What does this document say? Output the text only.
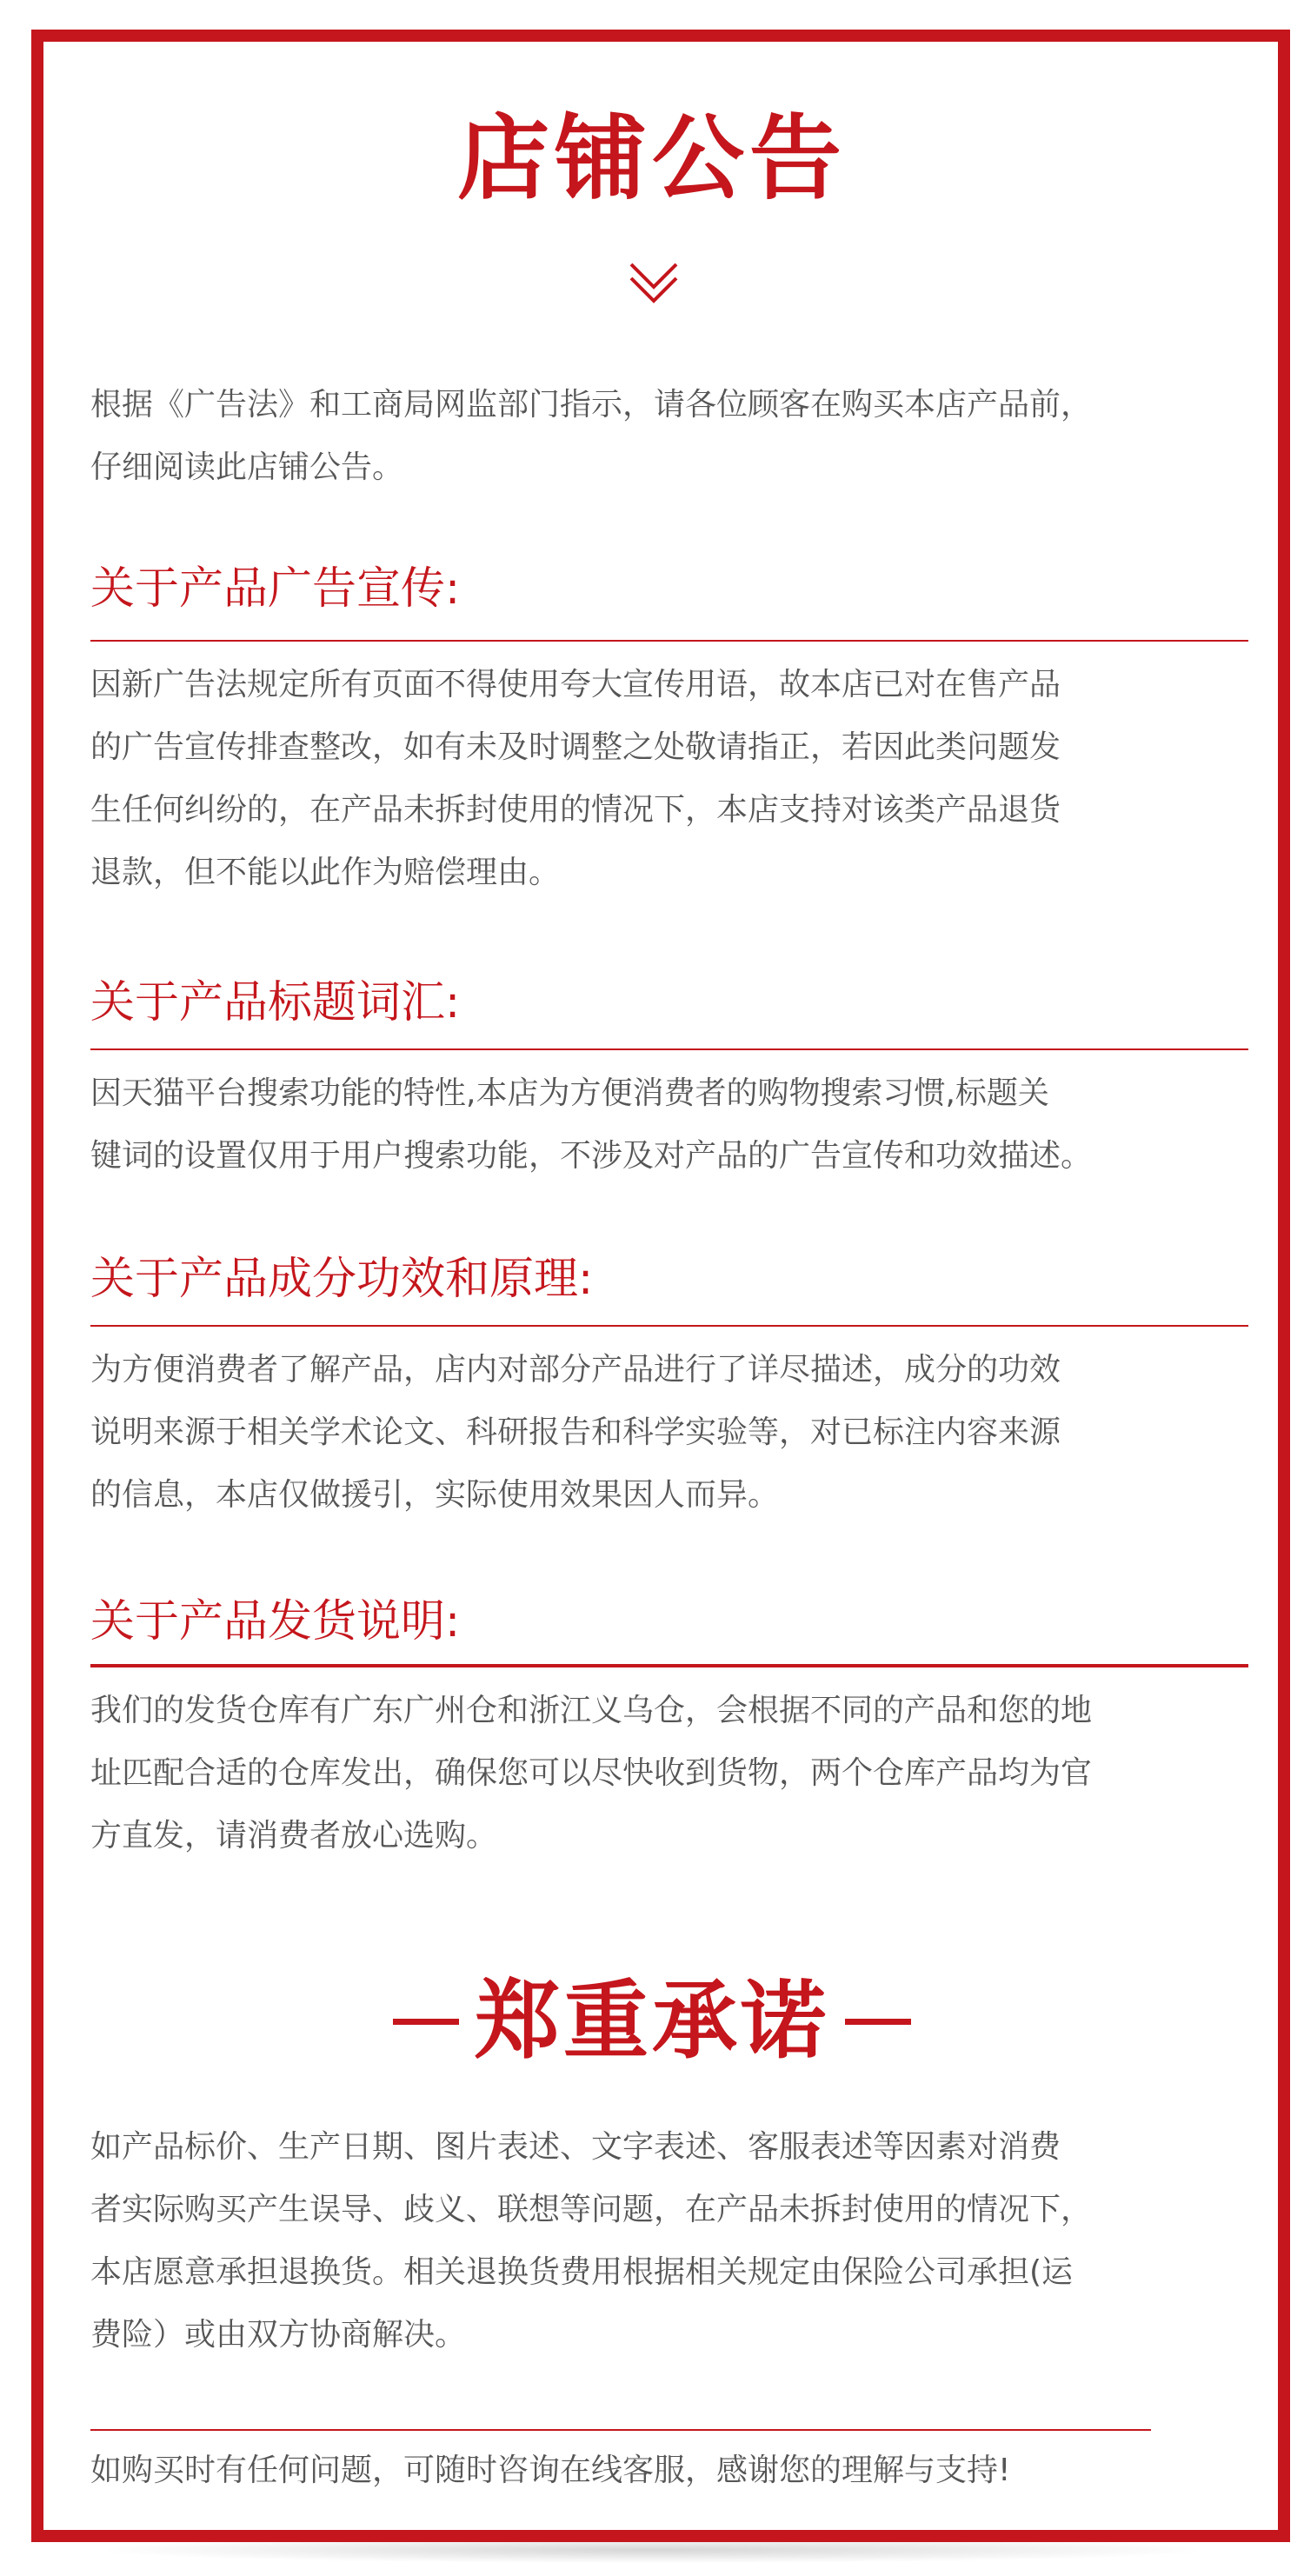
店铺公告

根据《广告法》和工商局网监部门指示，请各位顾客在购买本店产品前，
仔细阅读此店铺公告。

关于产品广告宣传:

因新广告法规定所有页面不得使用夸大宣传用语，故本店已对在售产品
的广告宣传排查整改，如有未及时调整之处敬请指正，若因此类问题发
生任何纠纷的，在产品未拆封使用的情况下，本店支持对该类产品退货
退款，但不能以此作为赔偿理由。

关于产品标题词汇:

因天猫平台搜索功能的特性,本店为方便消费者的购物搜索习惯,标题关
键词的设置仅用于用户搜索功能，不涉及对产品的广告宣传和功效描述。

关于产品成分功效和原理:

为方便消费者了解产品，店内对部分产品进行了详尽描述，成分的功效
说明来源于相关学术论文、科研报告和科学实验等，对已标注内容来源
的信息，本店仅做援引，实际使用效果因人而异。

关于产品发货说明:

我们的发货仓库有广东广州仓和浙江义乌仓，会根据不同的产品和您的地
址匹配合适的仓库发出，确保您可以尽快收到货物，两个仓库产品均为官
方直发，请消费者放心选购。

郑重承诺

如产品标价、生产日期、图片表述、文字表述、客服表述等因素对消费
者实际购买产生误导、歧义、联想等问题，在产品未拆封使用的情况下，
本店愿意承担退换货。相关退换货费用根据相关规定由保险公司承担(运
费险）或由双方协商解决。

如购买时有任何问题，可随时咨询在线客服，感谢您的理解与支持!
